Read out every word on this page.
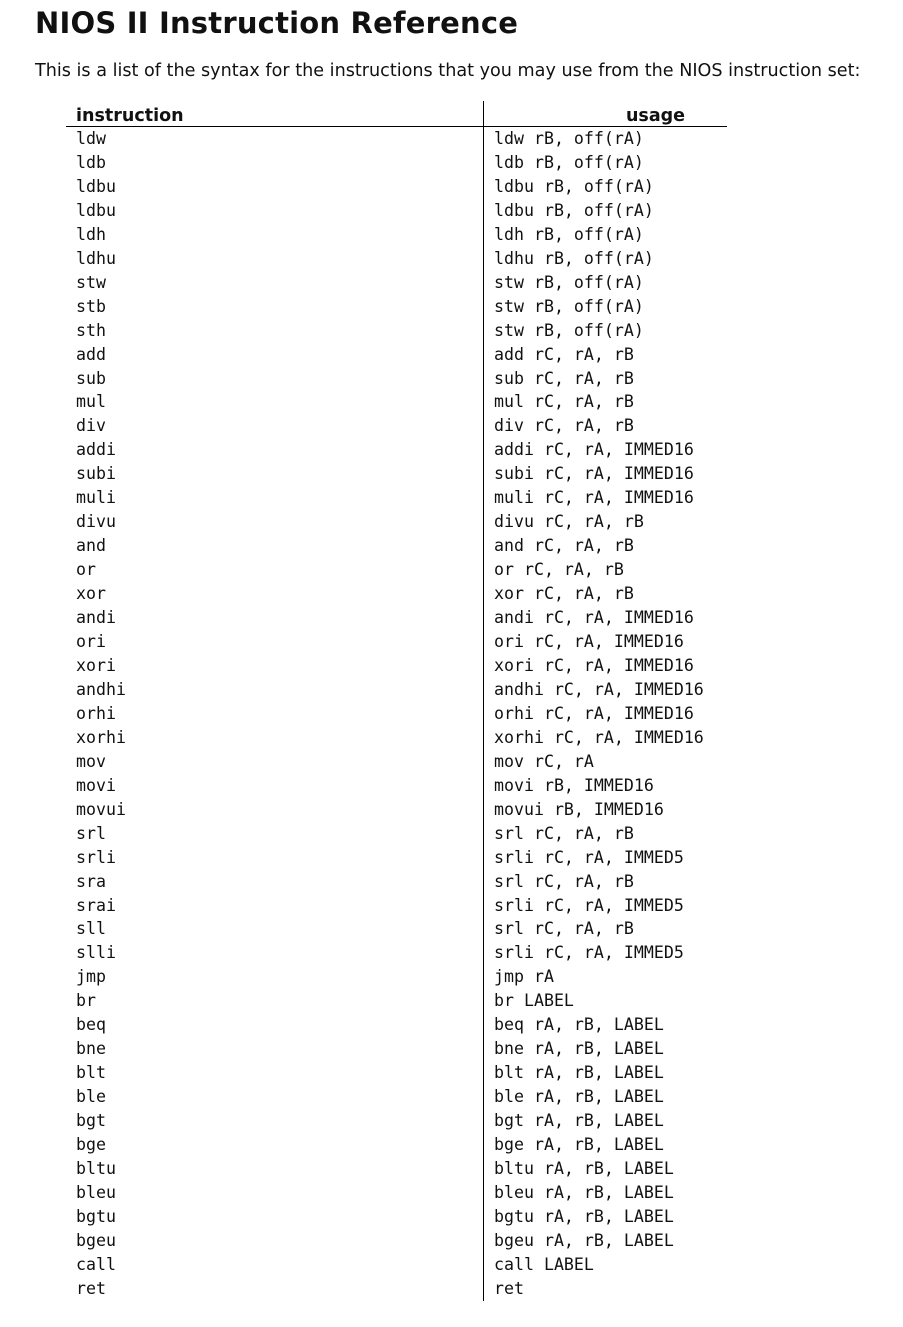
NIOS II Instruction Reference

This is a list of the syntax for the instructions that you may use from the NIOS instruction set:

instruction	usage
ldw	ldw rB, off(rA)
ldb	ldb rB, off(rA)
ldbu	ldbu rB, off(rA)
ldbu	ldbu rB, off(rA)
ldh	ldh rB, off(rA)
ldhu	ldhu rB, off(rA)
stw	stw rB, off(rA)
stb	stw rB, off(rA)
sth	stw rB, off(rA)
add	add rC, rA, rB
sub	sub rC, rA, rB
mul	mul rC, rA, rB
div	div rC, rA, rB
addi	addi rC, rA, IMMED16
subi	subi rC, rA, IMMED16
muli	muli rC, rA, IMMED16
divu	divu rC, rA, rB
and	and rC, rA, rB
or	or rC, rA, rB
xor	xor rC, rA, rB
andi	andi rC, rA, IMMED16
ori	ori rC, rA, IMMED16
xori	xori rC, rA, IMMED16
andhi	andhi rC, rA, IMMED16
orhi	orhi rC, rA, IMMED16
xorhi	xorhi rC, rA, IMMED16
mov	mov rC, rA
movi	movi rB, IMMED16
movui	movui rB, IMMED16
srl	srl rC, rA, rB
srli	srli rC, rA, IMMED5
sra	srl rC, rA, rB
srai	srli rC, rA, IMMED5
sll	srl rC, rA, rB
slli	srli rC, rA, IMMED5
jmp	jmp rA
br	br LABEL
beq	beq rA, rB, LABEL
bne	bne rA, rB, LABEL
blt	blt rA, rB, LABEL
ble	ble rA, rB, LABEL
bgt	bgt rA, rB, LABEL
bge	bge rA, rB, LABEL
bltu	bltu rA, rB, LABEL
bleu	bleu rA, rB, LABEL
bgtu	bgtu rA, rB, LABEL
bgeu	bgeu rA, rB, LABEL
call	call LABEL
ret	ret
